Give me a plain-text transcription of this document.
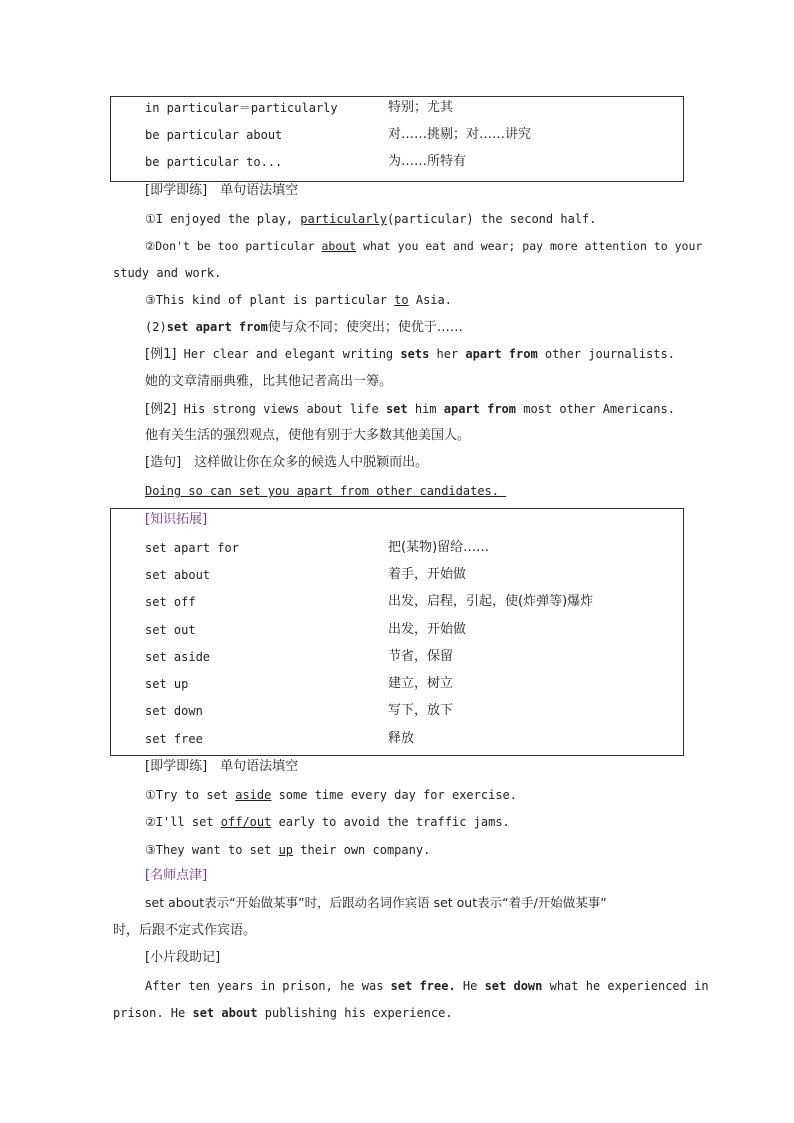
in particular＝particularly	特别；尤其
be particular about	对……挑剔；对……讲究
be particular to...	为……所特有
[即学即练]　单句语法填空
①I enjoyed the play, particularly(particular) the second half.
②Don't be too particular about what you eat and wear; pay more attention to your
study and work.
③This kind of plant is particular to Asia.
(2)set apart from使与众不同；使突出；使优于……
[例1] Her clear and elegant writing sets her apart from other journalists.
她的文章清丽典雅，比其他记者高出一筹。
[例2] His strong views about life set him apart from most other Americans.
他有关生活的强烈观点，使他有别于大多数其他美国人。
[造句]　这样做让你在众多的候选人中脱颖而出。
Doing so can set you apart from other candidates.
[知识拓展]
set apart for	把(某物)留给……
set about	着手，开始做
set off	出发，启程，引起，使(炸弹等)爆炸
set out	出发，开始做
set aside	节省，保留
set up	建立，树立
set down	写下，放下
set free	释放
[即学即练]　单句语法填空
①Try to set aside some time every day for exercise.
②I'll set off/out early to avoid the traffic jams.
③They want to set up their own company.
[名师点津]
set about表示“开始做某事”时，后跟动名词作宾语 set out表示“着手/开始做某事”
时，后跟不定式作宾语。
[小片段助记]
After ten years in prison, he was set free. He set down what he experienced in
prison. He set about publishing his experience.
